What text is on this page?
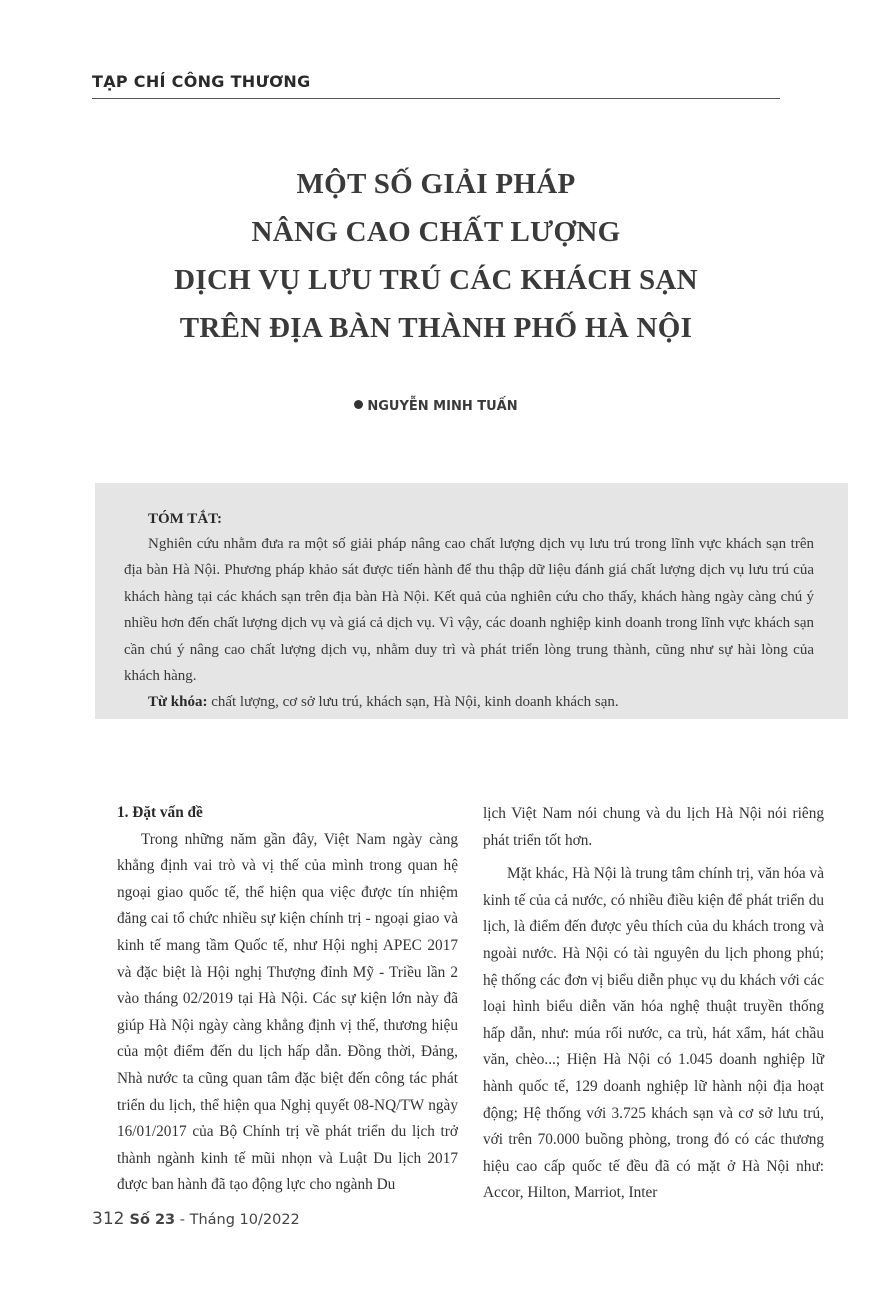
TẠP CHÍ CÔNG THƯƠNG
MỘT SỐ GIẢI PHÁP
NÂNG CAO CHẤT LƯỢNG
DỊCH VỤ LƯU TRÚ CÁC KHÁCH SẠN
TRÊN ĐỊA BÀN THÀNH PHỐ HÀ NỘI
NGUYỄN MINH TUẤN
TÓM TẮT:

Nghiên cứu nhằm đưa ra một số giải pháp nâng cao chất lượng dịch vụ lưu trú trong lĩnh vực khách sạn trên địa bàn Hà Nội. Phương pháp khảo sát được tiến hành để thu thập dữ liệu đánh giá chất lượng dịch vụ lưu trú của khách hàng tại các khách sạn trên địa bàn Hà Nội. Kết quả của nghiên cứu cho thấy, khách hàng ngày càng chú ý nhiều hơn đến chất lượng dịch vụ và giá cả dịch vụ. Vì vậy, các doanh nghiệp kinh doanh trong lĩnh vực khách sạn cần chú ý nâng cao chất lượng dịch vụ, nhằm duy trì và phát triển lòng trung thành, cũng như sự hài lòng của khách hàng.

Từ khóa: chất lượng, cơ sở lưu trú, khách sạn, Hà Nội, kinh doanh khách sạn.

1. Đặt vấn đề

Trong những năm gần đây, Việt Nam ngày càng khẳng định vai trò và vị thế của mình trong quan hệ ngoại giao quốc tế, thể hiện qua việc được tín nhiệm đăng cai tổ chức nhiều sự kiện chính trị - ngoại giao và kinh tế mang tầm Quốc tế, như Hội nghị APEC 2017 và đặc biệt là Hội nghị Thượng đỉnh Mỹ - Triều lần 2 vào tháng 02/2019 tại Hà Nội. Các sự kiện lớn này đã giúp Hà Nội ngày càng khẳng định vị thế, thương hiệu của một điểm đến du lịch hấp dẫn. Đồng thời, Đảng, Nhà nước ta cũng quan tâm đặc biệt đến công tác phát triển du lịch, thể hiện qua Nghị quyết 08-NQ/TW ngày 16/01/2017 của Bộ Chính trị về phát triển du lịch trở thành ngành kinh tế mũi nhọn và Luật Du lịch 2017 được ban hành đã tạo động lực cho ngành Du

lịch Việt Nam nói chung và du lịch Hà Nội nói riêng phát triển tốt hơn.

Mặt khác, Hà Nội là trung tâm chính trị, văn hóa và kinh tế của cả nước, có nhiều điều kiện để phát triển du lịch, là điểm đến được yêu thích của du khách trong và ngoài nước. Hà Nội có tài nguyên du lịch phong phú; hệ thống các đơn vị biểu diễn phục vụ du khách với các loại hình biểu diễn văn hóa nghệ thuật truyền thống hấp dẫn, như: múa rối nước, ca trù, hát xẩm, hát chầu văn, chèo...; Hiện Hà Nội có 1.045 doanh nghiệp lữ hành quốc tế, 129 doanh nghiệp lữ hành nội địa hoạt động; Hệ thống với 3.725 khách sạn và cơ sở lưu trú, với trên 70.000 buồng phòng, trong đó có các thương hiệu cao cấp quốc tế đều đã có mặt ở Hà Nội như: Accor, Hilton, Marriot, Inter

312 Số 23 - Tháng 10/2022
